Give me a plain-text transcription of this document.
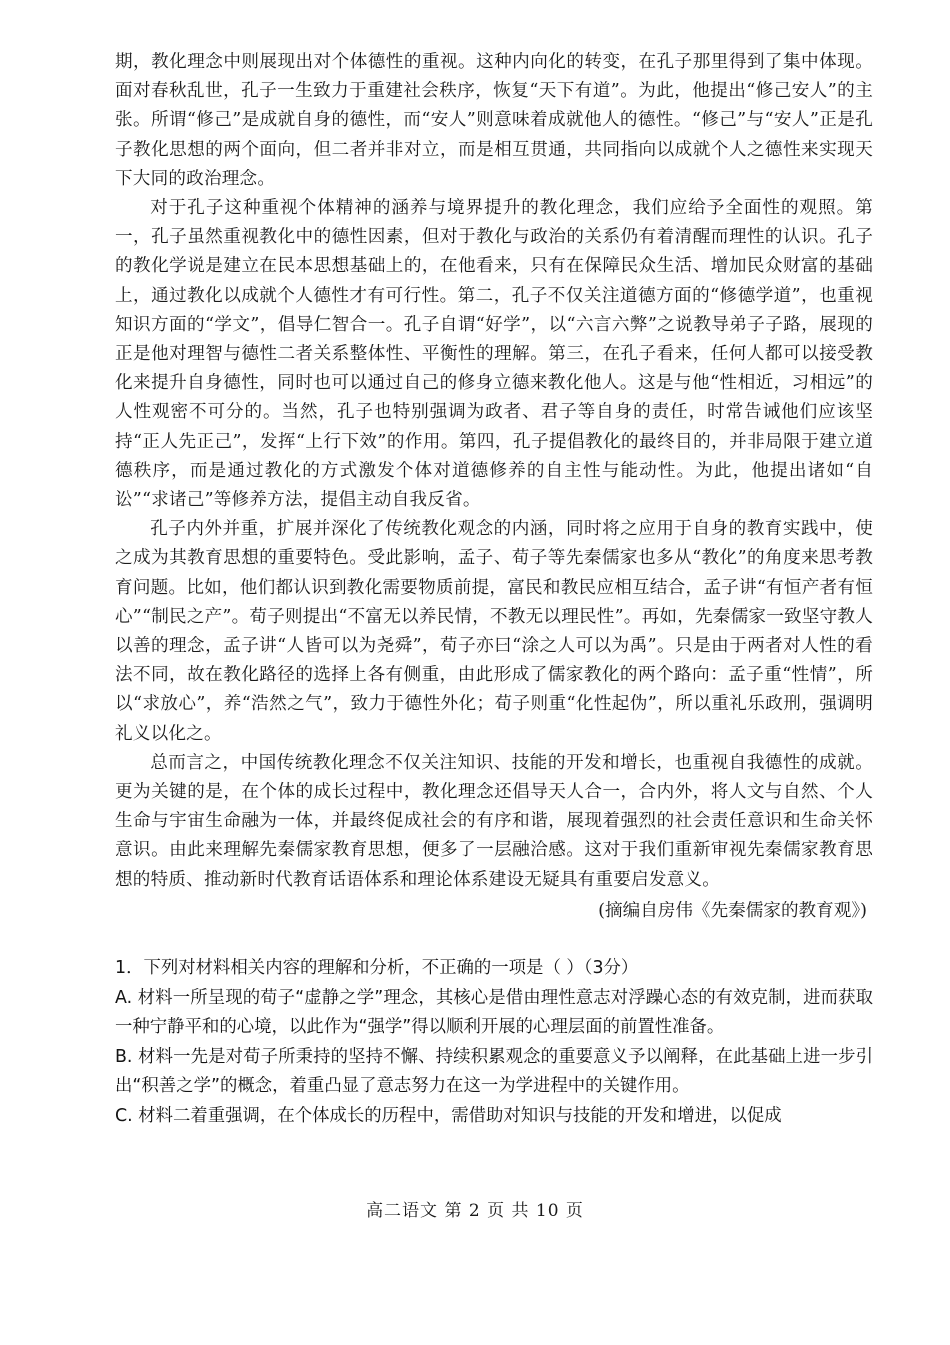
期，教化理念中则展现出对个体德性的重视。这种内向化的转变，在孔子那里得到了集中体现。面对春秋乱世，孔子一生致力于重建社会秩序，恢复“天下有道”。为此，他提出“修己安人”的主张。所谓“修己”是成就自身的德性，而“安人”则意味着成就他人的德性。“修己”与“安人”正是孔子教化思想的两个面向，但二者并非对立，而是相互贯通，共同指向以成就个人之德性来实现天下大同的政治理念。

对于孔子这种重视个体精神的涵养与境界提升的教化理念，我们应给予全面性的观照。第一，孔子虽然重视教化中的德性因素，但对于教化与政治的关系仍有着清醒而理性的认识。孔子的教化学说是建立在民本思想基础上的，在他看来，只有在保障民众生活、增加民众财富的基础上，通过教化以成就个人德性才有可行性。第二，孔子不仅关注道德方面的“修德学道”，也重视知识方面的“学文”，倡导仁智合一。孔子自谓“好学”，以“六言六弊”之说教导弟子子路，展现的正是他对理智与德性二者关系整体性、平衡性的理解。第三，在孔子看来，任何人都可以接受教化来提升自身德性，同时也可以通过自己的修身立德来教化他人。这是与他“性相近，习相远”的人性观密不可分的。当然，孔子也特别强调为政者、君子等自身的责任，时常告诫他们应该坚持“正人先正己”，发挥“上行下效”的作用。第四，孔子提倡教化的最终目的，并非局限于建立道德秩序，而是通过教化的方式激发个体对道德修养的自主性与能动性。为此，他提出诸如“自讼”“求诸己”等修养方法，提倡主动自我反省。

孔子内外并重，扩展并深化了传统教化观念的内涵，同时将之应用于自身的教育实践中，使之成为其教育思想的重要特色。受此影响，孟子、荀子等先秦儒家也多从“教化”的角度来思考教育问题。比如，他们都认识到教化需要物质前提，富民和教民应相互结合，孟子讲“有恒产者有恒心”“制民之产”。荀子则提出“不富无以养民情，不教无以理民性”。再如，先秦儒家一致坚守教人以善的理念，孟子讲“人皆可以为尧舜”，荀子亦曰“涂之人可以为禹”。只是由于两者对人性的看法不同，故在教化路径的选择上各有侧重，由此形成了儒家教化的两个路向：孟子重“性情”，所以“求放心”，养“浩然之气”，致力于德性外化；荀子则重“化性起伪”，所以重礼乐政刑，强调明礼义以化之。

总而言之，中国传统教化理念不仅关注知识、技能的开发和增长，也重视自我德性的成就。更为关键的是，在个体的成长过程中，教化理念还倡导天人合一，合内外，将人文与自然、个人生命与宇宙生命融为一体，并最终促成社会的有序和谐，展现着强烈的社会责任意识和生命关怀意识。由此来理解先秦儒家教育思想，便多了一层融洽感。这对于我们重新审视先秦儒家教育思想的特质、推动新时代教育话语体系和理论体系建设无疑具有重要启发意义。

(摘编自房伟《先秦儒家的教育观》)

1．下列对材料相关内容的理解和分析，不正确的一项是（ ）（3分）

A. 材料一所呈现的荀子“虚静之学”理念，其核心是借由理性意志对浮躁心态的有效克制，进而获取一种宁静平和的心境，以此作为“强学”得以顺利开展的心理层面的前置性准备。

B. 材料一先是对荀子所秉持的坚持不懈、持续积累观念的重要意义予以阐释，在此基础上进一步引出“积善之学”的概念，着重凸显了意志努力在这一为学进程中的关键作用。

C. 材料二着重强调，在个体成长的历程中，需借助对知识与技能的开发和增进，以促成

高二语文 第 2 页 共 10 页
